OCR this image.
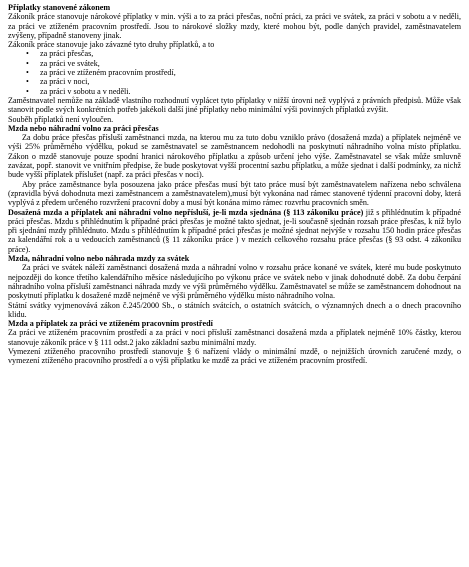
Příplatky stanovené zákonem

Zákoník práce stanovuje nárokové příplatky v min. výši a to za práci přesčas, noční práci, za práci ve svátek, za práci v sobotu a v neděli, za práci ve ztíženém pracovním prostředí. Jsou to nárokové složky mzdy, které mohou být, podle daných pravidel, zaměstnavatelem zvýšeny, případně stanoveny jinak.

Zákoník práce stanovuje jako závazné tyto druhy příplatků, a to

• za práci přesčas,
• za práci ve svátek,
• za práci ve ztíženém pracovním prostředí,
• za práci v noci,
• za práci v sobotu a v neděli.

Zaměstnavatel nemůže na základě vlastního rozhodnutí vyplácet tyto příplatky v nižší úrovni než vyplývá z právních předpisů. Může však stanovit podle svých konkrétních potřeb jakékoli další jiné příplatky nebo minimální výši povinných příplatků zvýšit.

Souběh příplatků není vyloučen.

Mzda nebo náhradní volno za práci přesčas

Za dobu práce přesčas přísluší zaměstnanci mzda, na kterou mu za tuto dobu vzniklo právo (dosažená mzda) a příplatek nejméně ve výši 25% průměrného výdělku, pokud se zaměstnavatel se zaměstnancem nedohodli na poskytnutí náhradního volna místo příplatku. Zákon o mzdě stanovuje pouze spodní hranici nárokového příplatku a způsob určení jeho výše. Zaměstnavatel se však může smluvně zavázat, popř. stanovit ve vnitřním předpise, že bude poskytovat vyšší procentní sazbu příplatku, a může sjednat i další podmínky, za nichž bude vyšší příplatek příslušet (např. za práci přesčas v noci).

Aby práce zaměstnance byla posouzena jako práce přesčas musí být tato práce musí být zaměstnavatelem nařízena nebo schválena (zpravidla bývá dohodnuta mezi zaměstnancem a zaměstnavatelem),musí být vykonána nad rámec stanovené týdenní pracovní doby, která vyplývá z předem určeného rozvržení pracovní doby a musí být konána mimo rámec rozvrhu pracovních směn.

Dosažená mzda a příplatek ani náhradní volno nepřísluší, je-li mzda sjednána (§ 113 zákoníku práce) již s přihlédnutím k případné práci přesčas. Mzdu s přihlédnutím k případné práci přesčas je možné takto sjednat, je-li současně sjednán rozsah práce přesčas, k níž bylo při sjednání mzdy přihlédnuto. Mzdu s přihlédnutím k případné práci přesčas je možné sjednat nejvýše v rozsahu 150 hodin práce přesčas za kalendářní rok a u vedoucích zaměstnanců (§ 11 zákoníku práce ) v mezích celkového rozsahu práce přesčas (§ 93 odst. 4 zákoníku práce).

Mzda, náhradní volno nebo náhrada mzdy za svátek

Za práci ve svátek náleží zaměstnanci dosažená mzda a náhradní volno v rozsahu práce konané ve svátek, které mu bude poskytnuto nejpozději do konce třetího kalendářního měsíce následujícího po výkonu práce ve svátek nebo v jinak dohodnuté době. Za dobu čerpání náhradního volna přísluší zaměstnanci náhrada mzdy ve výši průměrného výdělku. Zaměstnavatel se může se zaměstnancem dohodnout na poskytnutí příplatku k dosažené mzdě nejméně ve výši průměrného výdělku místo náhradního volna.

Státní svátky vyjmenovává zákon č.245/2000 Sb., o státních svátcích, o ostatních svátcích, o významných dnech a o dnech pracovního klidu.

Mzda a příplatek za práci ve ztíženém pracovním prostředí

Za práci ve ztíženém pracovním prostředí a za práci v noci přísluší zaměstnanci dosažená mzda a příplatek nejméně 10% částky, kterou stanovuje zákoník práce v § 111 odst.2 jako základní sazbu minimální mzdy.

Vymezení ztíženého pracovního prostředí stanovuje § 6 nařízení vlády o minimální mzdě, o nejnižších úrovních zaručené mzdy, o vymezení ztíženého pracovního prostředí a o výši příplatku ke mzdě za práci ve ztíženém pracovním prostředí.
